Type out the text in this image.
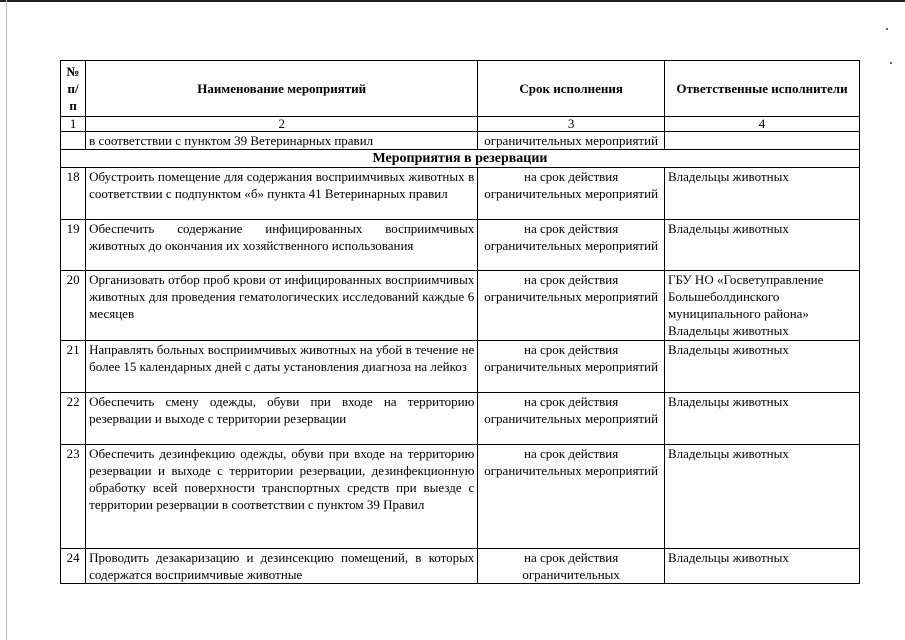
№ п/п	Наименование мероприятий	Срок исполнения	Ответственные исполнители
1	2	3	4
	в соответствии с пунктом 39 Ветеринарных правил	ограничительных мероприятий	
Мероприятия в резервации			
18	Обустроить помещение для содержания восприимчивых животных в соответствии с подпунктом «б» пункта 41 Ветеринарных правил	на срок действия ограничительных мероприятий	Владельцы животных
19	Обеспечить содержание инфицированных восприимчивых животных до окончания их хозяйственного использования	на срок действия ограничительных мероприятий	Владельцы животных
20	Организовать отбор проб крови от инфицированных восприимчивых животных для проведения гематологических исследований каждые 6 месяцев	на срок действия ограничительных мероприятий	ГБУ НО «Госветуправление Большеболдинского муниципального района» Владельцы животных
21	Направлять больных восприимчивых животных на убой в течение не более 15 календарных дней с даты установления диагноза на лейкоз	на срок действия ограничительных мероприятий	Владельцы животных
22	Обеспечить смену одежды, обуви при входе на территорию резервации и выходе с территории резервации	на срок действия ограничительных мероприятий	Владельцы животных
23	Обеспечить дезинфекцию одежды, обуви при входе на территорию резервации и выходе с территории резервации, дезинфекционную обработку всей поверхности транспортных средств при выезде с территории резервации в соответствии с пунктом 39 Правил	на срок действия ограничительных мероприятий	Владельцы животных
24	Проводить дезакаризацию и дезинсекцию помещений, в которых содержатся восприимчивые животные	на срок действия ограничительных	Владельцы животных
